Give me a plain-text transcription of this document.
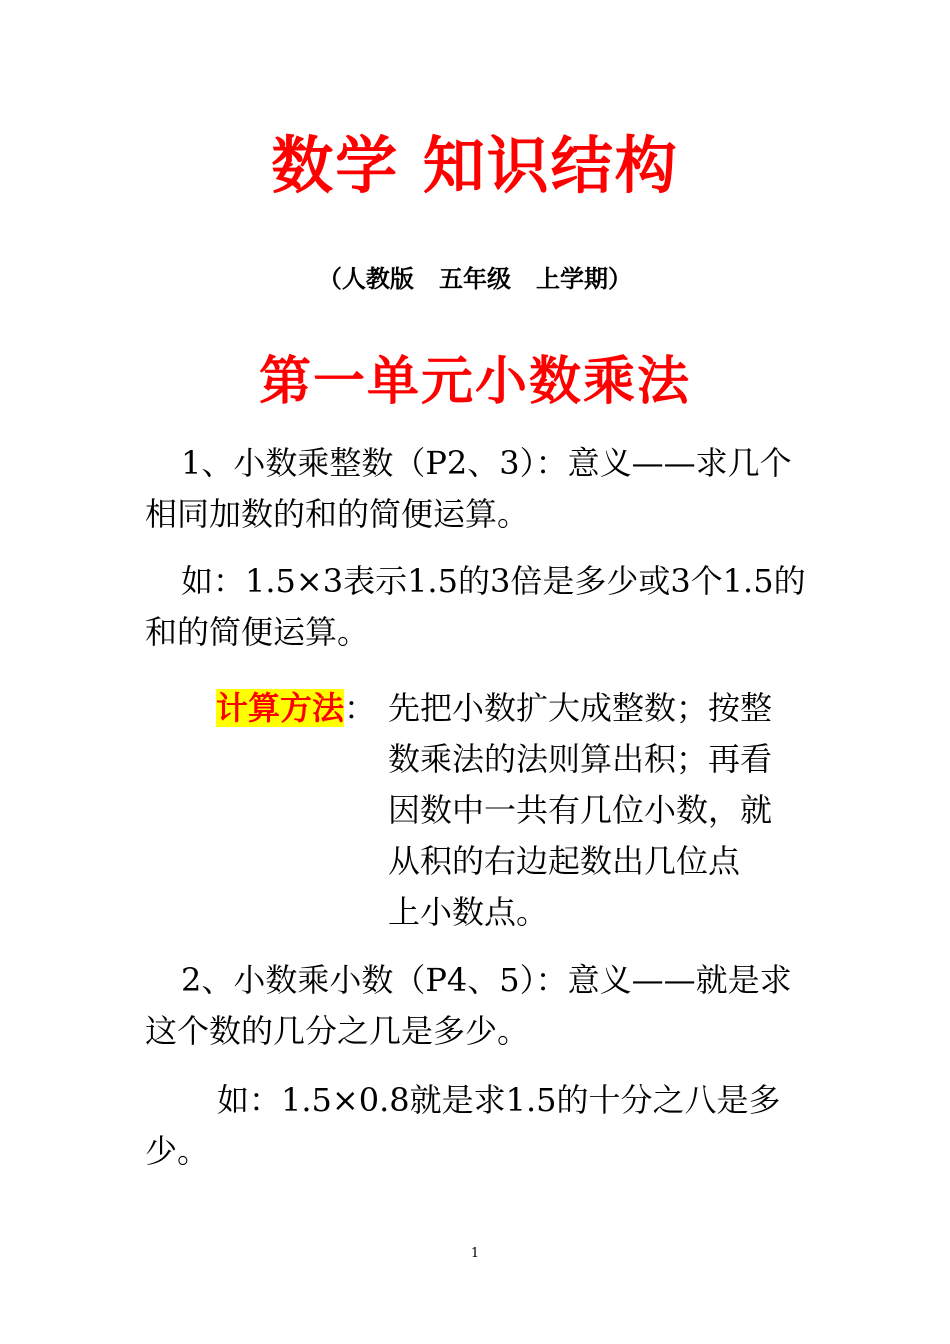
数学 知识结构
（人教版   五年级   上学期）
第一单元小数乘法

1、小数乘整数（P2、3）：意义——求几个相同加数的和的简便运算。

如：1.5×3表示1.5的3倍是多少或3个1.5的和的简便运算。

计算方法： 先把小数扩大成整数；按整
数乘法的法则算出积；再看
因数中一共有几位小数，就
从积的右边起数出几位点
上小数点。

2、小数乘小数（P4、5）：意义——就是求这个数的几分之几是多少。

如：1.5×0.8就是求1.5的十分之八是多少。

1
